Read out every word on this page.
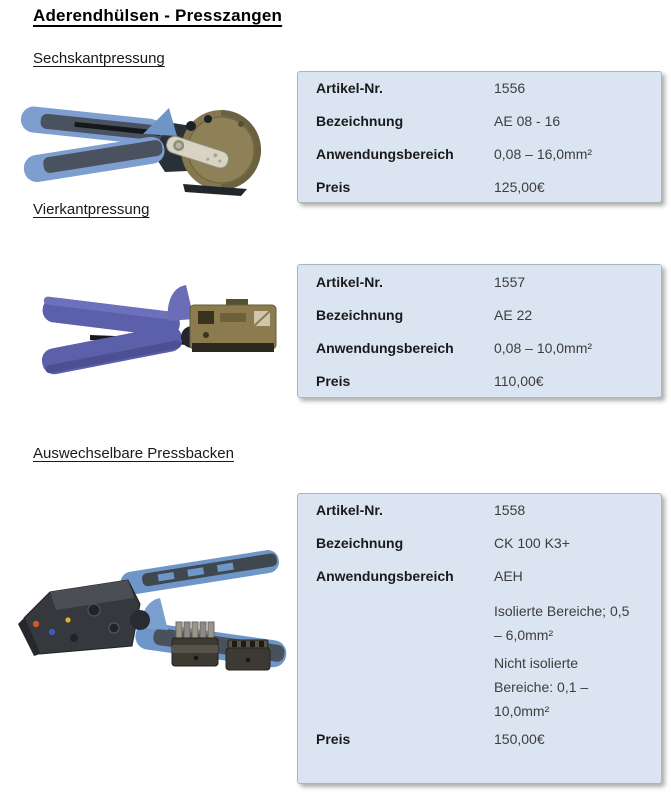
Aderendhülsen - Presszangen
Sechskantpressung
Artikel-Nr.	1556
Bezeichnung	AE 08 - 16
Anwendungsbereich	0,08 – 16,0mm²
Preis	125,00€
Vierkantpressung
Artikel-Nr.	1557
Bezeichnung	AE 22
Anwendungsbereich	0,08 – 10,0mm²
Preis	110,00€
Auswechselbare Pressbacken
Artikel-Nr.	1558
Bezeichnung	CK 100 K3+
Anwendungsbereich	AEH
Isolierte Bereiche; 0,5 – 6,0mm²
Nicht isolierte Bereiche: 0,1 – 10,0mm²
Preis	150,00€
